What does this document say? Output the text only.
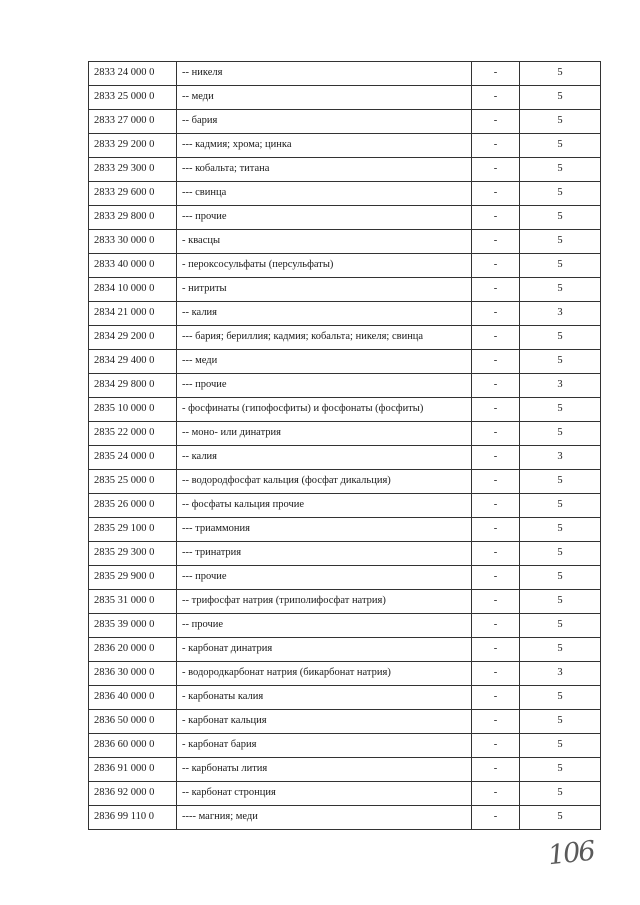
2833 24 000 0	-- никеля	-	5
2833 25 000 0	-- меди	-	5
2833 27 000 0	-- бария	-	5
2833 29 200 0	--- кадмия; хрома; цинка	-	5
2833 29 300 0	--- кобальта; титана	-	5
2833 29 600 0	--- свинца	-	5
2833 29 800 0	--- прочие	-	5
2833 30 000 0	- квасцы	-	5
2833 40 000 0	- пероксосульфаты (персульфаты)	-	5
2834 10 000 0	- нитриты	-	5
2834 21 000 0	-- калия	-	3
2834 29 200 0	--- бария; бериллия; кадмия; кобальта; никеля; свинца	-	5
2834 29 400 0	--- меди	-	5
2834 29 800 0	--- прочие	-	3
2835 10 000 0	- фосфинаты (гипофосфиты) и фосфонаты (фосфиты)	-	5
2835 22 000 0	-- моно- или динатрия	-	5
2835 24 000 0	-- калия	-	3
2835 25 000 0	-- водородфосфат кальция (фосфат дикальция)	-	5
2835 26 000 0	-- фосфаты кальция прочие	-	5
2835 29 100 0	--- триаммония	-	5
2835 29 300 0	--- тринатрия	-	5
2835 29 900 0	--- прочие	-	5
2835 31 000 0	-- трифосфат натрия (триполифосфат натрия)	-	5
2835 39 000 0	-- прочие	-	5
2836 20 000 0	- карбонат динатрия	-	5
2836 30 000 0	- водородкарбонат натрия (бикарбонат натрия)	-	3
2836 40 000 0	- карбонаты калия	-	5
2836 50 000 0	- карбонат кальция	-	5
2836 60 000 0	- карбонат бария	-	5
2836 91 000 0	-- карбонаты лития	-	5
2836 92 000 0	-- карбонат стронция	-	5
2836 99 110 0	---- магния; меди	-	5
106
